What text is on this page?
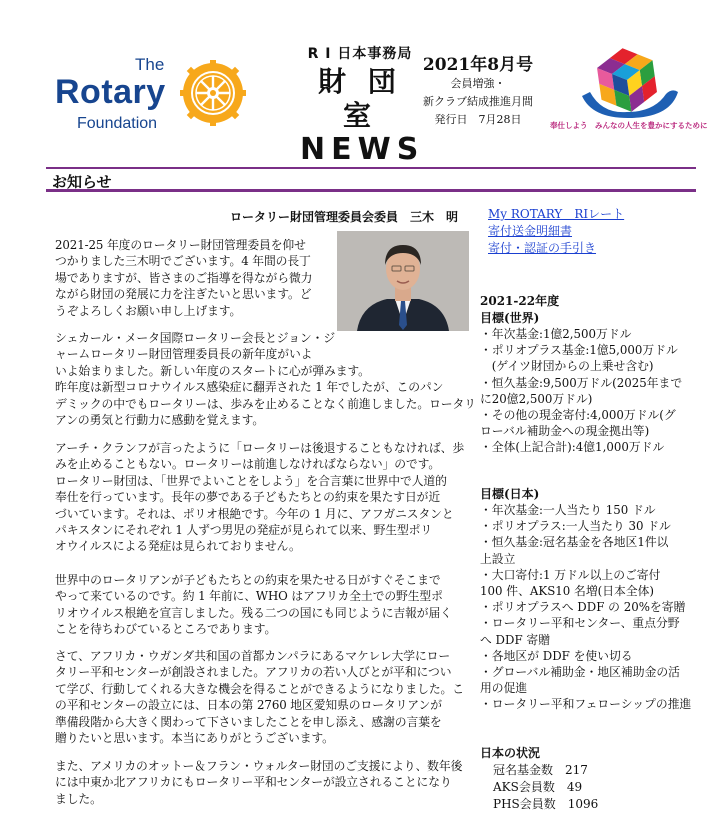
The
Rotary
Foundation
R I 日本事務局
財 団 室
NEWS
2021年8月号
会員増強・
新クラブ結成推進月間
発行日　7月28日	奉仕しよう　みんなの人生を豊かにするために
お知らせ
ロータリー財団管理委員会委員　三木　明
2021-25 年度のロータリー財団管理委員を仰せ
つかりました三木明でございます。4 年間の長丁
場でありますが、皆さまのご指導を得ながら微力
ながら財団の発展に力を注ぎたいと思います。ど
うぞよろしくお願い申し上げます。
シェカール・メータ国際ロータリー会長とジョン・ジ
ャームロータリー財団管理委員長の新年度がいよ
いよ始まりました。新しい年度のスタートに心が弾みます。
昨年度は新型コロナウイルス感染症に翻弄された 1 年でしたが、このパン
デミックの中でもロータリーは、歩みを止めることなく前進しました。ロータリ
アンの勇気と行動力に感動を覚えます。
アーチ・クランフが言ったように「ロータリーは後退することもなければ、歩
みを止めることもない。ロータリーは前進しなければならない」のです。
ロータリー財団は、「世界でよいことをしよう」を合言葉に世界中で人道的
奉仕を行っています。長年の夢である子どもたちとの約束を果たす日が近
づいています。それは、ポリオ根絶です。今年の 1 月に、アフガニスタンと
パキスタンにそれぞれ 1 人ずつ男児の発症が見られて以来、野生型ポリ
オウイルスによる発症は見られておりません。
世界中のロータリアンが子どもたちとの約束を果たせる日がすぐそこまで
やって来ているのです。約 1 年前に、WHO はアフリカ全土での野生型ポ
リオウイルス根絶を宣言しました。残る二つの国にも同じように吉報が届く
ことを待ちわびているところであります。
さて、アフリカ・ウガンダ共和国の首都カンパラにあるマケレレ大学にロー
タリー平和センターが創設されました。アフリカの若い人びとが平和につい
て学び、行動してくれる大きな機会を得ることができるようになりました。こ
の平和センターの設立には、日本の第 2760 地区愛知県のロータリアンが
準備段階から大きく関わって下さいましたことを申し添え、感謝の言葉を
贈りたいと思います。本当にありがとうございます。
また、アメリカのオットー＆フラン・ウォルター財団のご支援により、数年後
には中東か北アフリカにもロータリー平和センターが設立されることになり
ました。
My ROTARY　RIレート
寄付送金明細書
寄付・認証の手引き
2021-22年度
目標(世界)
・年次基金:1億2,500万ドル
・ポリオプラス基金:1億5,000万ドル
　(ゲイツ財団からの上乗せ含む)
・恒久基金:9,500万ドル(2025年まで
に20億2,500万ドル)
・その他の現金寄付:4,000万ドル(グ
ローバル補助金への現金拠出等)
・全体(上記合計):4億1,000万ドル
目標(日本)
・年次基金:一人当たり 150 ドル
・ポリオプラス:一人当たり 30 ドル
・恒久基金:冠名基金を各地区1件以
上設立
・大口寄付:1 万ドル以上のご寄付
100 件、AKS10 名増(日本全体)
・ポリオプラスへ DDF の 20%を寄贈
・ロータリー平和センター、重点分野
へ DDF 寄贈
・各地区が DDF を使い切る
・グローバル補助金・地区補助金の活
用の促進
・ロータリー平和フェローシップの推進
日本の状況
冠名基金数　217
AKS会員数　49
PHS会員数　1096
